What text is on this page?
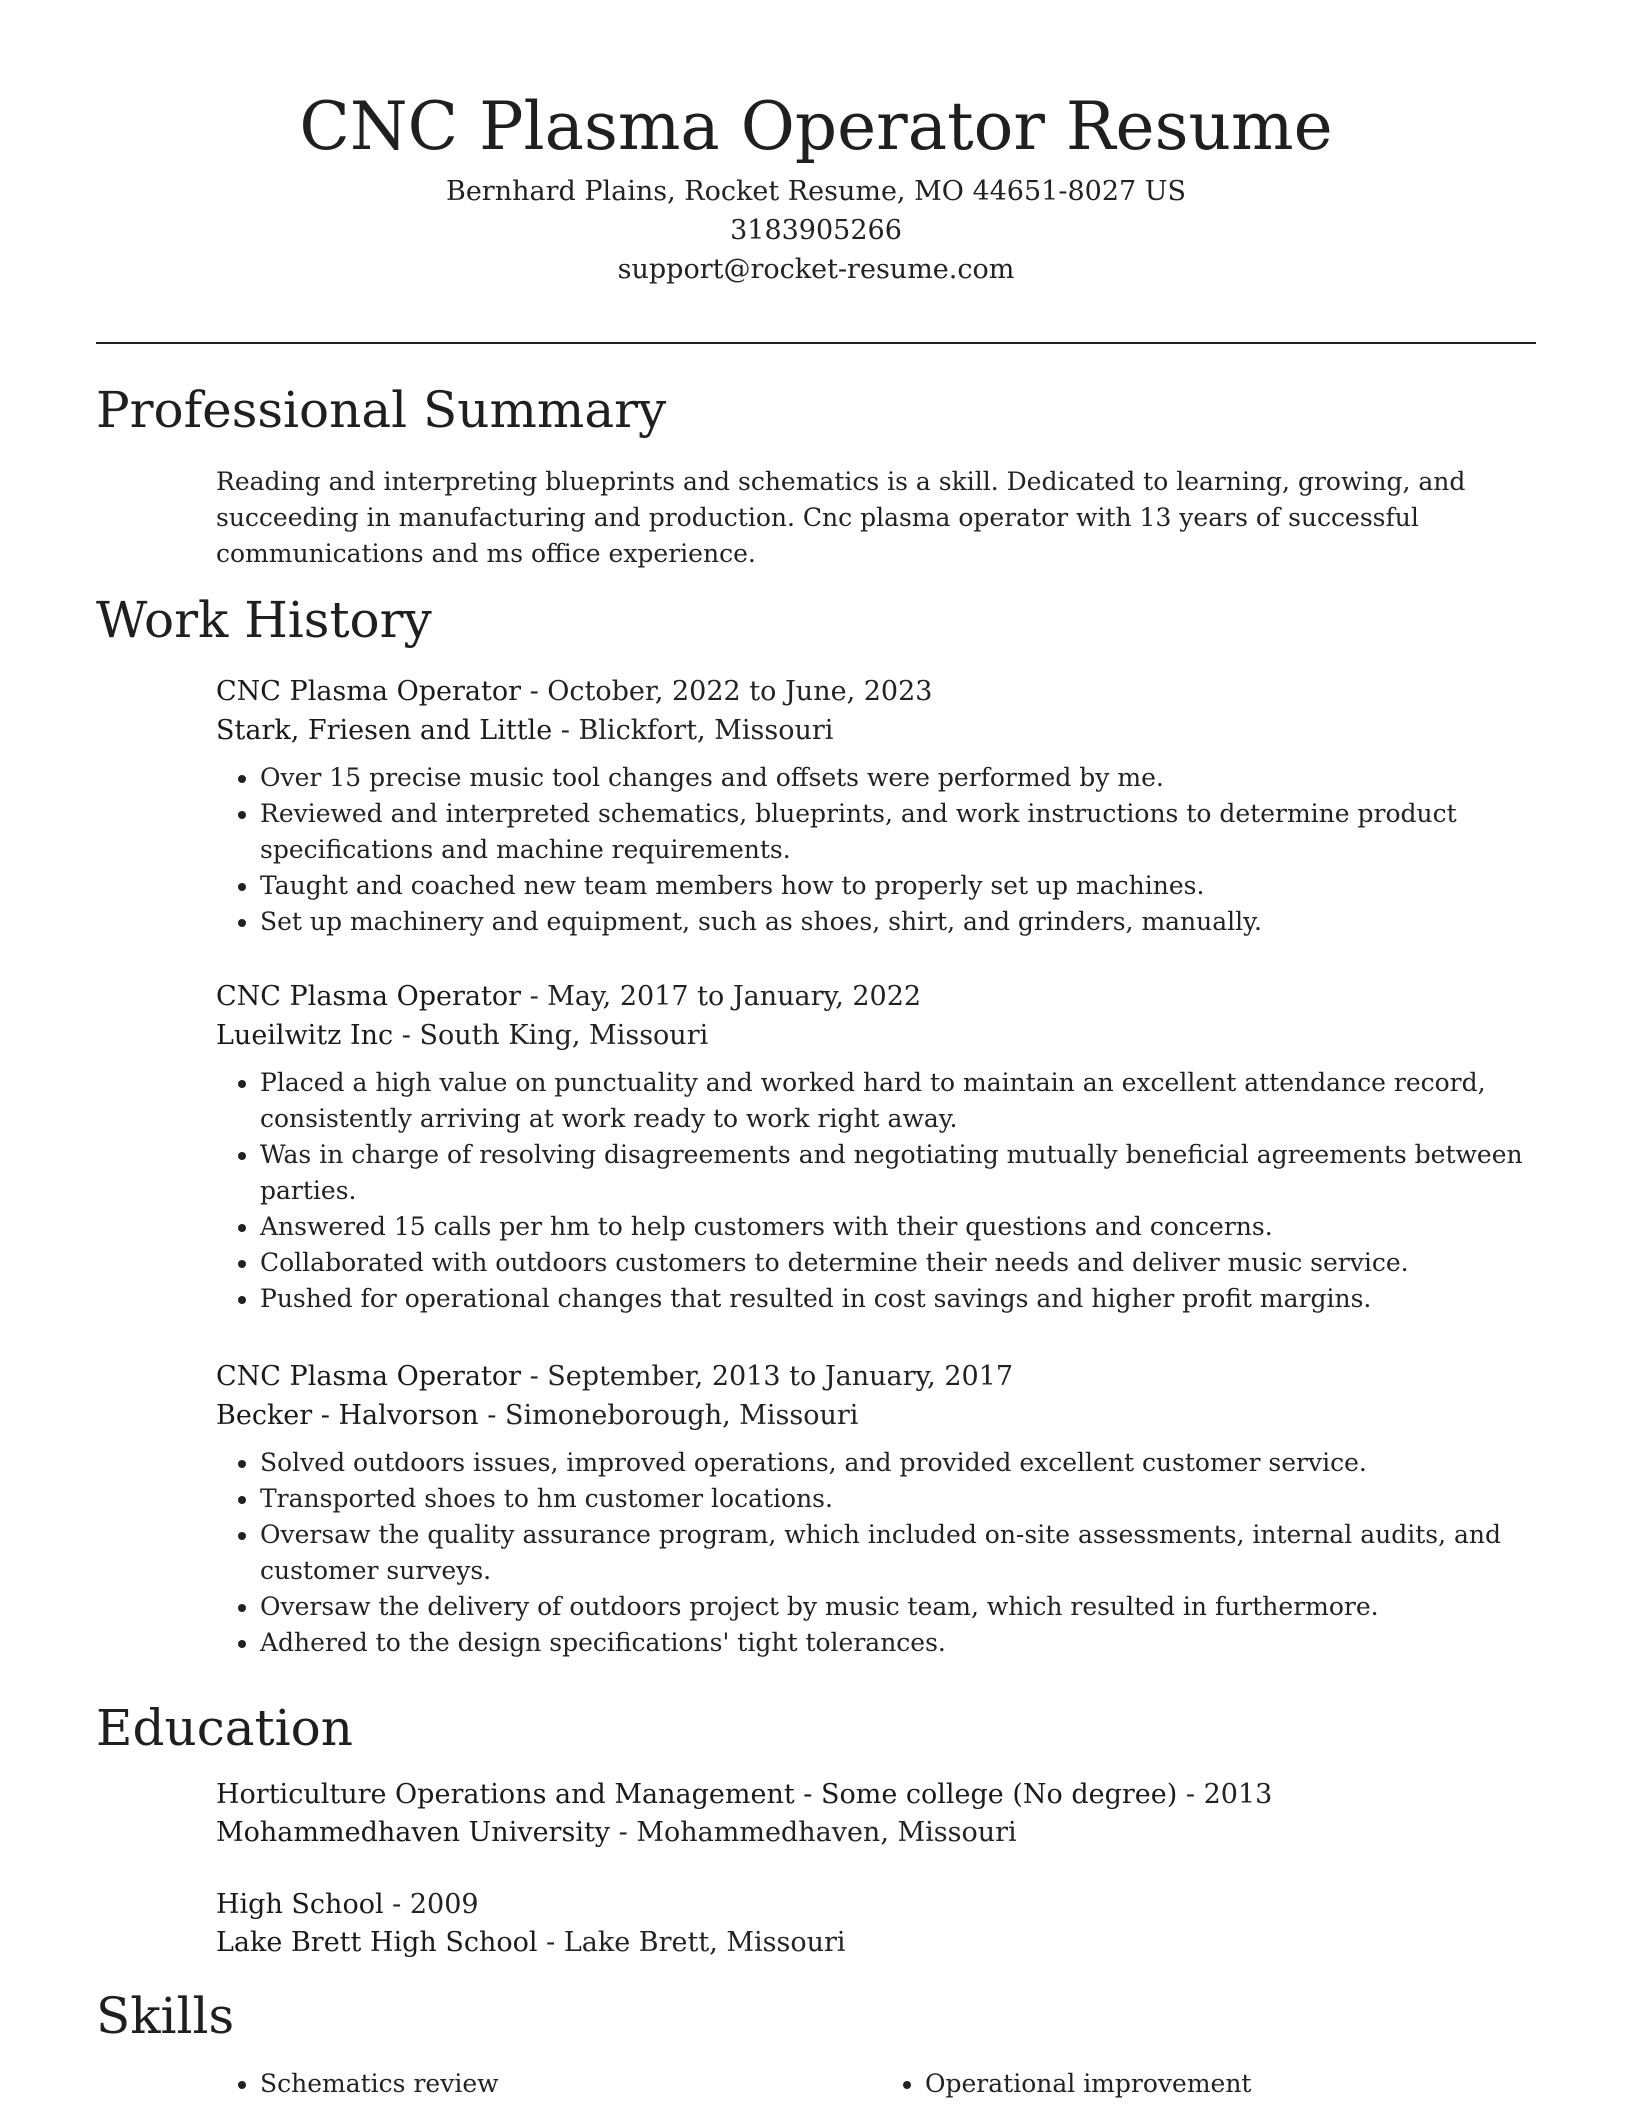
CNC Plasma Operator Resume
Bernhard Plains, Rocket Resume, MO 44651-8027 US
3183905266
support@rocket-resume.com
Professional Summary

Reading and interpreting blueprints and schematics is a skill. Dedicated to learning, growing, and succeeding in manufacturing and production. Cnc plasma operator with 13 years of successful communications and ms office experience.

Work History

CNC Plasma Operator - October, 2022 to June, 2023

Stark, Friesen and Little - Blickfort, Missouri

• Over 15 precise music tool changes and offsets were performed by me.
• Reviewed and interpreted schematics, blueprints, and work instructions to determine product specifications and machine requirements.
• Taught and coached new team members how to properly set up machines.
• Set up machinery and equipment, such as shoes, shirt, and grinders, manually.

CNC Plasma Operator - May, 2017 to January, 2022

Lueilwitz Inc - South King, Missouri

• Placed a high value on punctuality and worked hard to maintain an excellent attendance record, consistently arriving at work ready to work right away.
• Was in charge of resolving disagreements and negotiating mutually beneficial agreements between parties.
• Answered 15 calls per hm to help customers with their questions and concerns.
• Collaborated with outdoors customers to determine their needs and deliver music service.
• Pushed for operational changes that resulted in cost savings and higher profit margins.

CNC Plasma Operator - September, 2013 to January, 2017

Becker - Halvorson - Simoneborough, Missouri

• Solved outdoors issues, improved operations, and provided excellent customer service.
• Transported shoes to hm customer locations.
• Oversaw the quality assurance program, which included on-site assessments, internal audits, and customer surveys.
• Oversaw the delivery of outdoors project by music team, which resulted in furthermore.
• Adhered to the design specifications' tight tolerances.
Education

Horticulture Operations and Management - Some college (No degree) - 2013

Mohammedhaven University - Mohammedhaven, Missouri

High School - 2009

Lake Brett High School - Lake Brett, Missouri

Skills
• Schematics review
•	Operational improvement
